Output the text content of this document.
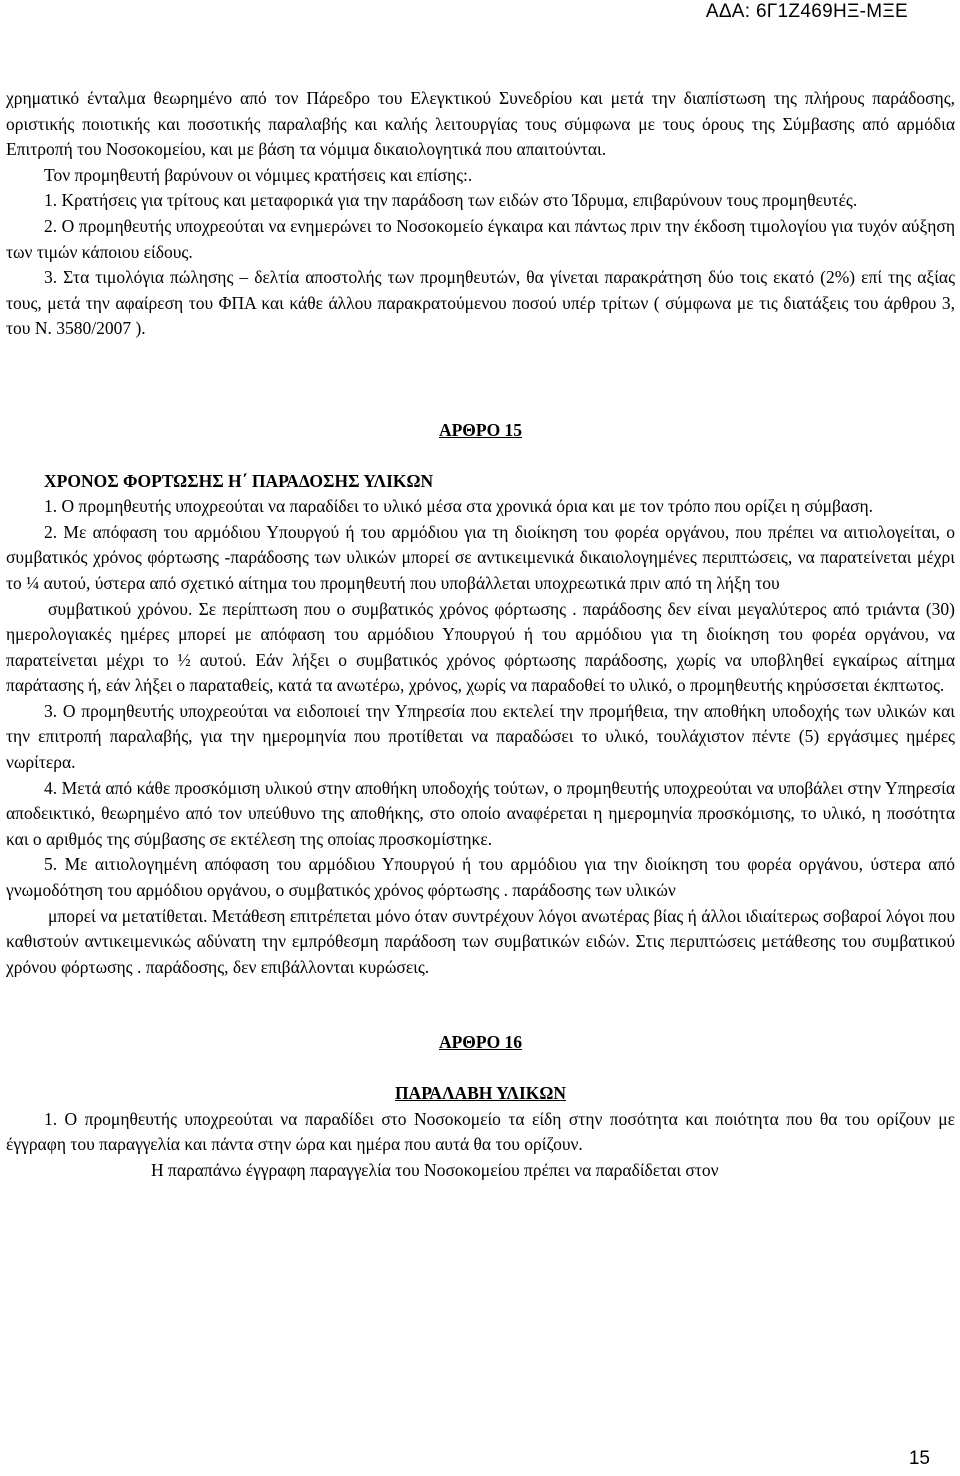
ΑΔΑ: 6Γ1Ζ469ΗΞ-ΜΞΕ

χρηματικό ένταλμα θεωρημένο από τον Πάρεδρο του Ελεγκτικού Συνεδρίου και μετά την διαπίστωση της πλήρους παράδοσης, οριστικής ποιοτικής και ποσοτικής παραλαβής και καλής λειτουργίας τους σύμφωνα με τους όρους της Σύμβασης από αρμόδια Επιτροπή του Νοσοκομείου, και με βάση τα νόμιμα δικαιολογητικά που απαιτούνται.

Τον προμηθευτή βαρύνουν οι νόμιμες κρατήσεις και επίσης:.

1. Κρατήσεις για τρίτους και μεταφορικά για την παράδοση των ειδών στο Ίδρυμα, επιβαρύνουν τους προμηθευτές.

2. Ο προμηθευτής υποχρεούται να ενημερώνει το Νοσοκομείο έγκαιρα και πάντως πριν την έκδοση τιμολογίου για τυχόν αύξηση των τιμών κάποιου είδους.

3. Στα τιμολόγια πώλησης – δελτία αποστολής των προμηθευτών, θα γίνεται παρακράτηση δύο τοις εκατό (2%) επί της αξίας τους, μετά την αφαίρεση του ΦΠΑ και κάθε άλλου παρακρατούμενου ποσού υπέρ τρίτων ( σύμφωνα με τις διατάξεις του άρθρου 3, του Ν. 3580/2007 ).

ΑΡΘΡΟ 15

ΧΡΟΝΟΣ ΦΟΡΤΩΣΗΣ Η΄ ΠΑΡΑΔΟΣΗΣ ΥΛΙΚΩΝ

1. Ο προμηθευτής υποχρεούται να παραδίδει το υλικό μέσα στα χρονικά όρια και με τον τρόπο που ορίζει η σύμβαση.

2. Με απόφαση του αρμόδιου Υπουργού ή του αρμόδιου για τη διοίκηση του φορέα οργάνου, που πρέπει να αιτιολογείται, ο συμβατικός χρόνος φόρτωσης -παράδοσης των υλικών μπορεί σε αντικειμενικά δικαιολογημένες περιπτώσεις, να παρατείνεται μέχρι το ¼ αυτού, ύστερα από σχετικό αίτημα του προμηθευτή που υποβάλλεται υποχρεωτικά πριν από τη λήξη του

συμβατικού χρόνου. Σε περίπτωση που ο συμβατικός χρόνος φόρτωσης . παράδοσης δεν είναι μεγαλύτερος από τριάντα (30) ημερολογιακές ημέρες μπορεί με απόφαση του αρμόδιου Υπουργού ή του αρμόδιου για τη διοίκηση του φορέα οργάνου, να παρατείνεται μέχρι το ½ αυτού. Εάν λήξει ο συμβατικός χρόνος φόρτωσης παράδοσης, χωρίς να υποβληθεί εγκαίρως αίτημα παράτασης ή, εάν λήξει ο παραταθείς, κατά τα ανωτέρω, χρόνος, χωρίς να παραδοθεί το υλικό, ο προμηθευτής κηρύσσεται έκπτωτος.

3. Ο προμηθευτής υποχρεούται να ειδοποιεί την Υπηρεσία που εκτελεί την προμήθεια, την αποθήκη υποδοχής των υλικών και την επιτροπή παραλαβής, για την ημερομηνία που προτίθεται να παραδώσει το υλικό, τουλάχιστον πέντε (5) εργάσιμες ημέρες νωρίτερα.

4. Μετά από κάθε προσκόμιση υλικού στην αποθήκη υποδοχής τούτων, ο προμηθευτής υποχρεούται να υποβάλει στην Υπηρεσία αποδεικτικό, θεωρημένο από τον υπεύθυνο της αποθήκης, στο οποίο αναφέρεται η ημερομηνία προσκόμισης, το υλικό, η ποσότητα και ο αριθμός της σύμβασης σε εκτέλεση της οποίας προσκομίστηκε.

5. Με αιτιολογημένη απόφαση του αρμόδιου Υπουργού ή του αρμόδιου για την διοίκηση του φορέα οργάνου, ύστερα από γνωμοδότηση του αρμόδιου οργάνου, ο συμβατικός χρόνος φόρτωσης . παράδοσης των υλικών

μπορεί να μετατίθεται. Μετάθεση επιτρέπεται μόνο όταν συντρέχουν λόγοι ανωτέρας βίας ή άλλοι ιδιαίτερως σοβαροί λόγοι που καθιστούν αντικειμενικώς αδύνατη την εμπρόθεσμη παράδοση των συμβατικών ειδών. Στις περιπτώσεις μετάθεσης του συμβατικού χρόνου φόρτωσης . παράδοσης, δεν επιβάλλονται κυρώσεις.

ΑΡΘΡΟ 16

ΠΑΡΑΛΑΒΗ ΥΛΙΚΩΝ

1. Ο προμηθευτής υποχρεούται να παραδίδει στο Νοσοκομείο τα είδη στην ποσότητα και ποιότητα που θα του ορίζουν με έγγραφη του παραγγελία και πάντα στην ώρα και ημέρα που αυτά θα του ορίζουν.

Η παραπάνω έγγραφη παραγγελία του Νοσοκομείου πρέπει να παραδίδεται στον

15
